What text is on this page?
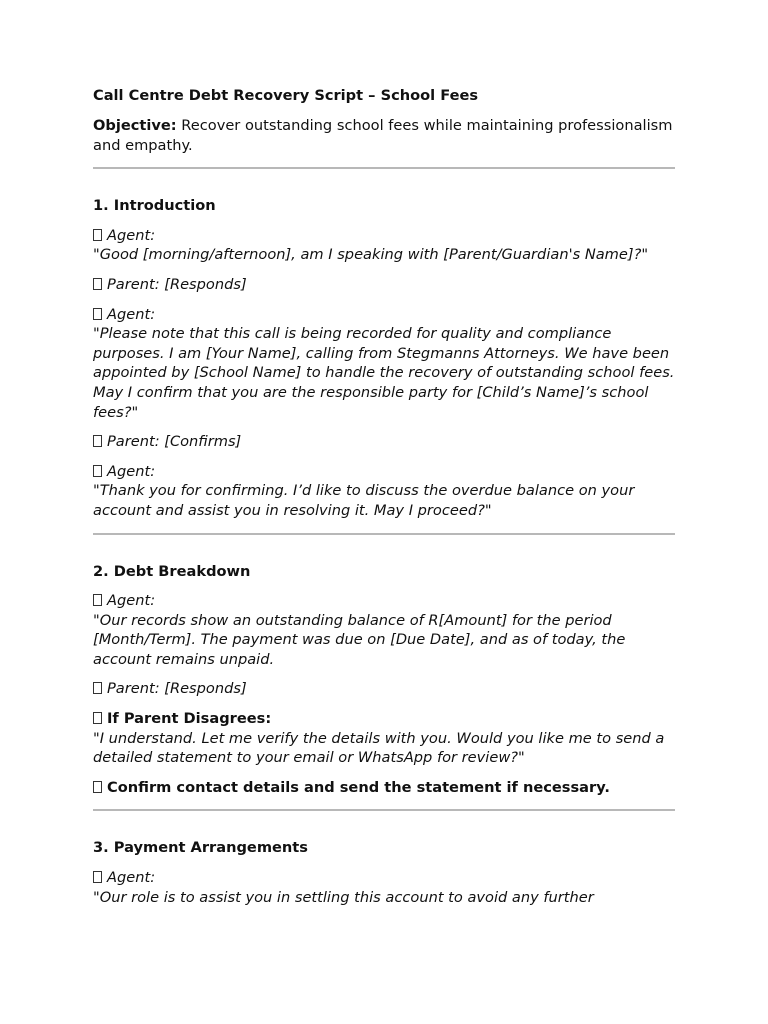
Call Centre Debt Recovery Script – School Fees

Objective: Recover outstanding school fees while maintaining professionalism and empathy.

1. Introduction

Agent:
"Good [morning/afternoon], am I speaking with [Parent/Guardian's Name]?"

Parent: [Responds]

Agent:
"Please note that this call is being recorded for quality and compliance purposes. I am [Your Name], calling from Stegmanns Attorneys. We have been appointed by [School Name] to handle the recovery of outstanding school fees. May I confirm that you are the responsible party for [Child’s Name]’s school fees?"

Parent: [Confirms]

Agent:
"Thank you for confirming. I’d like to discuss the overdue balance on your account and assist you in resolving it. May I proceed?"

2. Debt Breakdown

Agent:
"Our records show an outstanding balance of R[Amount] for the period [Month/Term]. The payment was due on [Due Date], and as of today, the account remains unpaid.

Parent: [Responds]

If Parent Disagrees:
"I understand. Let me verify the details with you. Would you like me to send a detailed statement to your email or WhatsApp for review?"

Confirm contact details and send the statement if necessary.

3. Payment Arrangements

Agent:
"Our role is to assist you in settling this account to avoid any further
